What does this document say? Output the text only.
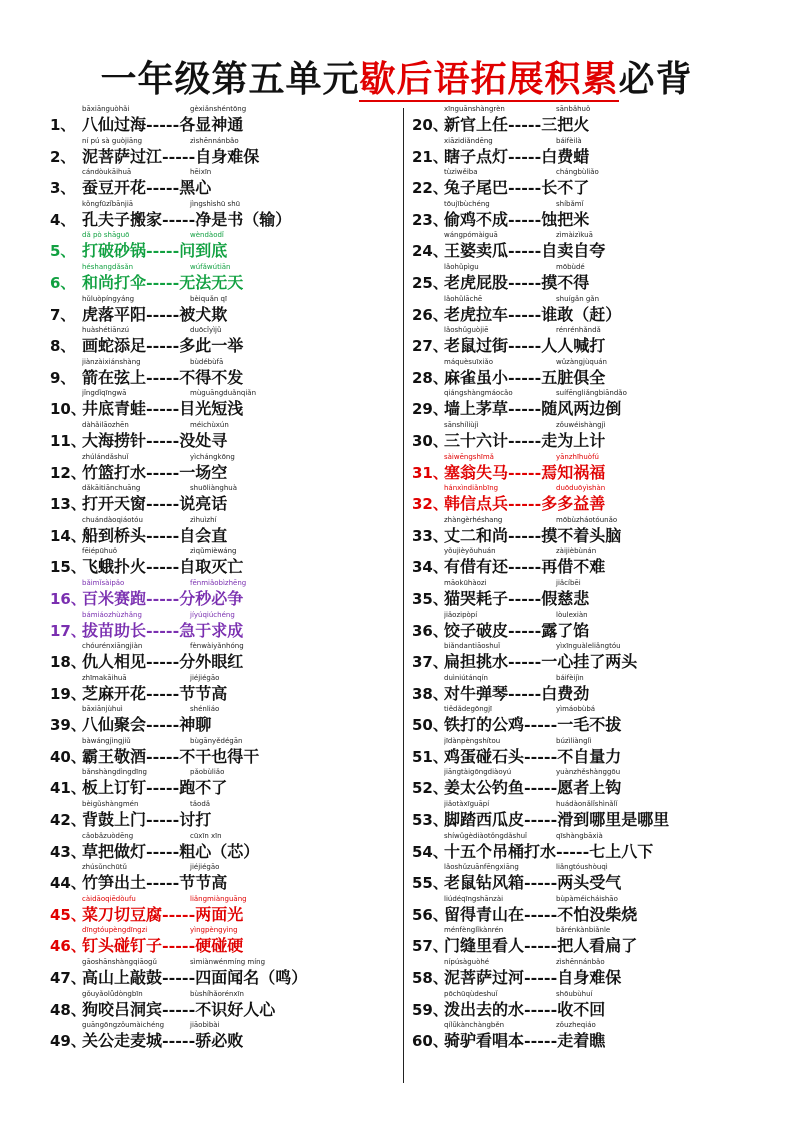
一年级第五单元歇后语拓展积累必背
bāxiānguòhǎi	gèxiǎnshéntōng
1、 八仙过海-----各显神通
ní pú sà guòjiāng	zìshēnnánbǎo
2、 泥菩萨过江-----自身难保
cándòukāihuā	hēixīn
3、 蚕豆开花-----黑心
kǒngfūzǐbānjiā	jìngshìshū shū
4、 孔夫子搬家-----净是书（输）
dǎ pò shāguō	wèndàodǐ
5、 打破砂锅-----问到底
héshangdǎsǎn	wúfǎwútiān
6、 和尚打伞-----无法无天
hǔluòpíngyáng	bèiquǎn qī
7、 虎落平阳-----被犬欺
huàshétiānzú	duōcǐyìjǔ
8、 画蛇添足-----多此一举
jiànzàixiánshàng	bùdébùfā
9、 箭在弦上-----不得不发
jǐngdǐqīngwā	mùguāngduǎnqiǎn
10、井底青蛙-----目光短浅
dàhǎilāozhēn	méichùxún
11、大海捞针-----没处寻
zhúlándǎshuǐ	yìchángkōng
12、竹篮打水-----一场空
dǎkāitiānchuāng	shuōliànghuà
13、打开天窗-----说亮话
chuándàoqiáotóu	zìhuìzhí
14、船到桥头-----自会直
fēiépūhuǒ	zìqǔmièwáng
15、飞蛾扑火-----自取灭亡
bǎimǐsàipǎo	fēnmiǎobìzhēng
16、百米赛跑-----分秒必争
bámiáozhùzhǎng	jíyúqiúchéng
17、拔苗助长-----急于求成
chóurénxiāngjiàn	fènwàiyǎnhóng
18、仇人相见-----分外眼红
zhīmakāihuā	jiéjiégāo
19、芝麻开花-----节节高
bāxiānjùhuì	shénliáo
39、八仙聚会-----神聊
bàwángjìngjiǔ	bùgānyědégān
40、霸王敬酒-----不干也得干
bǎnshàngdìngdīng	pǎobùliǎo
41、板上订钉-----跑不了
bèigǔshàngmén	tǎodǎ
42、背鼓上门-----讨打
cǎobǎzuòdēng	cūxīn xīn
43、草把做灯-----粗心（芯）
zhúsǔnchūtǔ	jiéjiégāo
44、竹笋出土-----节节高
càidāoqiēdòufu	liǎngmiànguāng
45、菜刀切豆腐-----两面光
dīngtóupèngdīngzi	yìngpèngyìng
46、钉头碰钉子-----硬碰硬
gāoshānshàngqiāogǔ	sìmiànwénmíng míng
47、高山上敲鼓-----四面闻名（鸣）
gǒuyǎolǚdòngbīn	bùshíhǎorénxīn
48、狗咬吕洞宾-----不识好人心
guāngōngzǒumàichéng	jiāobìbài
49、关公走麦城-----骄必败
xīnguānshàngrèn	sānbǎhuǒ
20、新官上任-----三把火
xiāzidiǎndēng	báifèilà
21、瞎子点灯-----白费蜡
tùziwěiba	chángbùliǎo
22、兔子尾巴-----长不了
tōujībùchéng	shíbǎmǐ
23、偷鸡不成-----蚀把米
wángpómàiguā	zìmàizìkuā
24、王婆卖瓜-----自卖自夸
lǎohǔpìgu	mōbùdé
25、老虎屁股-----摸不得
lǎohǔlāchē	shuígǎn gǎn
26、老虎拉车-----谁敢（赶）
lǎoshǔguòjiē	rénrénhǎndǎ
27、老鼠过街-----人人喊打
máquèsuīxiǎo	wǔzàngjùquán
28、麻雀虽小-----五脏俱全
qiángshàngmáocǎo	suífēngliǎngbiāndǎo
29、墙上茅草-----随风两边倒
sānshíliùjì	zǒuwéishàngjì
30、三十六计-----走为上计
sàiwēngshīmǎ	yānzhīhuòfú
31、塞翁失马-----焉知祸福
hánxìndiǎnbīng	duōduōyìshàn
32、韩信点兵-----多多益善
zhàngèrhéshang	mōbùzháotóunǎo
33、丈二和尚-----摸不着头脑
yǒujièyǒuhuán	zàijièbùnán
34、有借有还-----再借不难
māokūhàozi	jiǎcíbēi
35、猫哭耗子-----假慈悲
jiǎozipòpí	lòulexiàn
36、饺子破皮-----露了馅
biǎndantiāoshuǐ	yìxīnguàleliǎngtóu
37、扁担挑水-----一心挂了两头
duìniútánqín	báifèijìn
38、对牛弹琴-----白费劲
tiědǎdegōngjī	yìmáobùbá
50、铁打的公鸡-----一毛不拔
jīdànpèngshítou	búzìliànglì
51、鸡蛋碰石头-----不自量力
jiāngtàigōngdiàoyú	yuànzhěshànggōu
52、姜太公钓鱼-----愿者上钩
jiǎotàxīguāpí	huádàonǎlǐshìnǎlǐ
53、脚踏西瓜皮-----滑到哪里是哪里
shíwǔgèdiàotǒngdǎshuǐ	qīshàngbāxià
54、十五个吊桶打水-----七上八下
lǎoshǔzuānfēngxiāng	liǎngtóushòuqì
55、老鼠钻风箱-----两头受气
liúdéqīngshānzài	bùpàméicháishāo
56、留得青山在-----不怕没柴烧
ménfènglǐkànrén	bǎrénkànbiǎnle
57、门缝里看人-----把人看扁了
nípúsàguòhé	zìshēnnánbǎo
58、泥菩萨过河-----自身难保
pōchūqùdeshuǐ	shōubùhuí
59、泼出去的水-----收不回
qílǘkànchàngběn	zǒuzheqiáo
60、骑驴看唱本-----走着瞧
